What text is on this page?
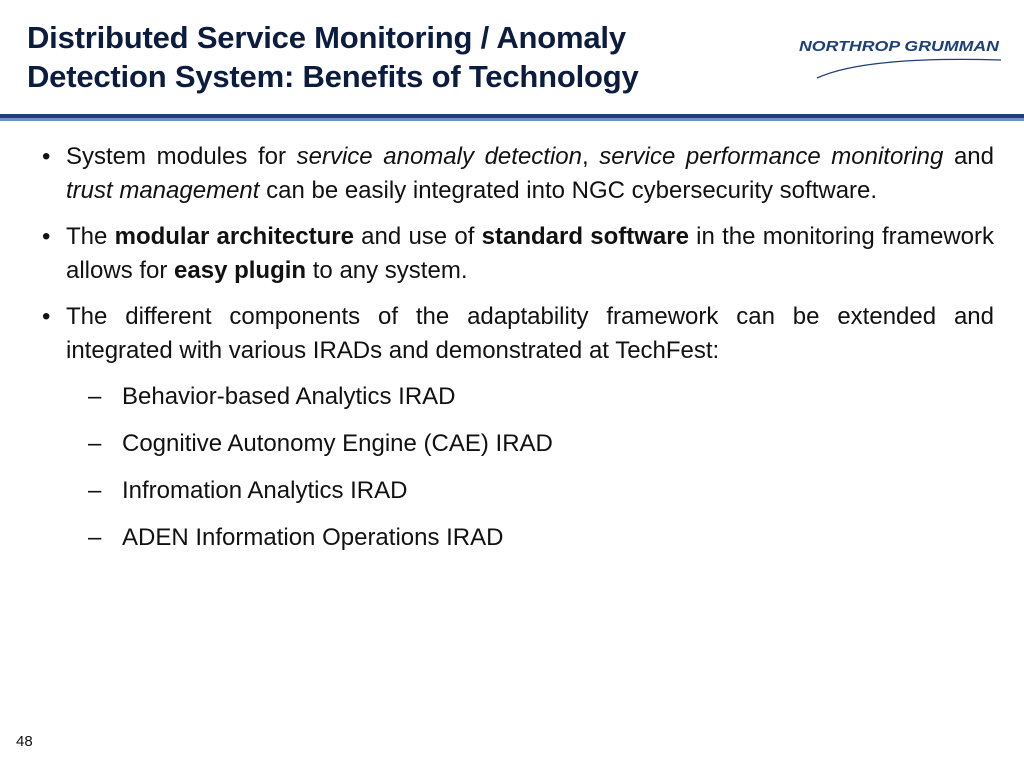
Distributed Service Monitoring / Anomaly
Detection System: Benefits of Technology
NORTHROP GRUMMAN
• System modules for service anomaly detection, service performance monitoring and trust management can be easily integrated into NGC cybersecurity software.
• The modular architecture and use of standard software in the monitoring framework allows for easy plugin to any system.
• The different components of the adaptability framework can be extended and integrated with various IRADs and demonstrated at TechFest:
– Behavior-based Analytics IRAD
– Cognitive Autonomy Engine (CAE) IRAD
– Infromation Analytics IRAD
– ADEN Information Operations IRAD
48
